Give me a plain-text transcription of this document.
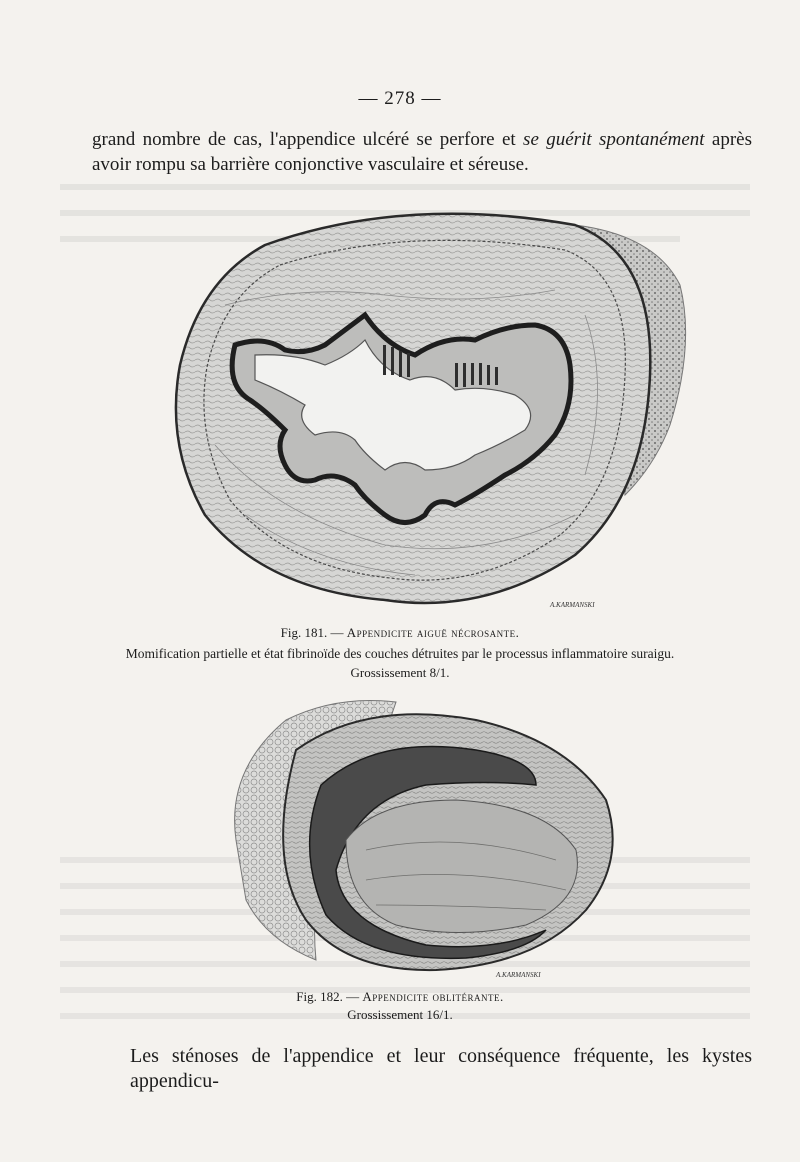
— 278 —
grand nombre de cas, l'appendice ulcéré se perfore et se guérit spontanément après avoir rompu sa barrière conjonctive vasculaire et séreuse.
A.KARMANSKI
Fig. 181. — Appendicite aiguë nécrosante.
Momification partielle et état fibrinoïde des couches détruites par le processus inflammatoire suraigu.
Grossissement 8/1.
A.KARMANSKI
Fig. 182. — Appendicite oblitérante.
Grossissement 16/1.
Les sténoses de l'appendice et leur conséquence fréquente, les kystes appendicu-
